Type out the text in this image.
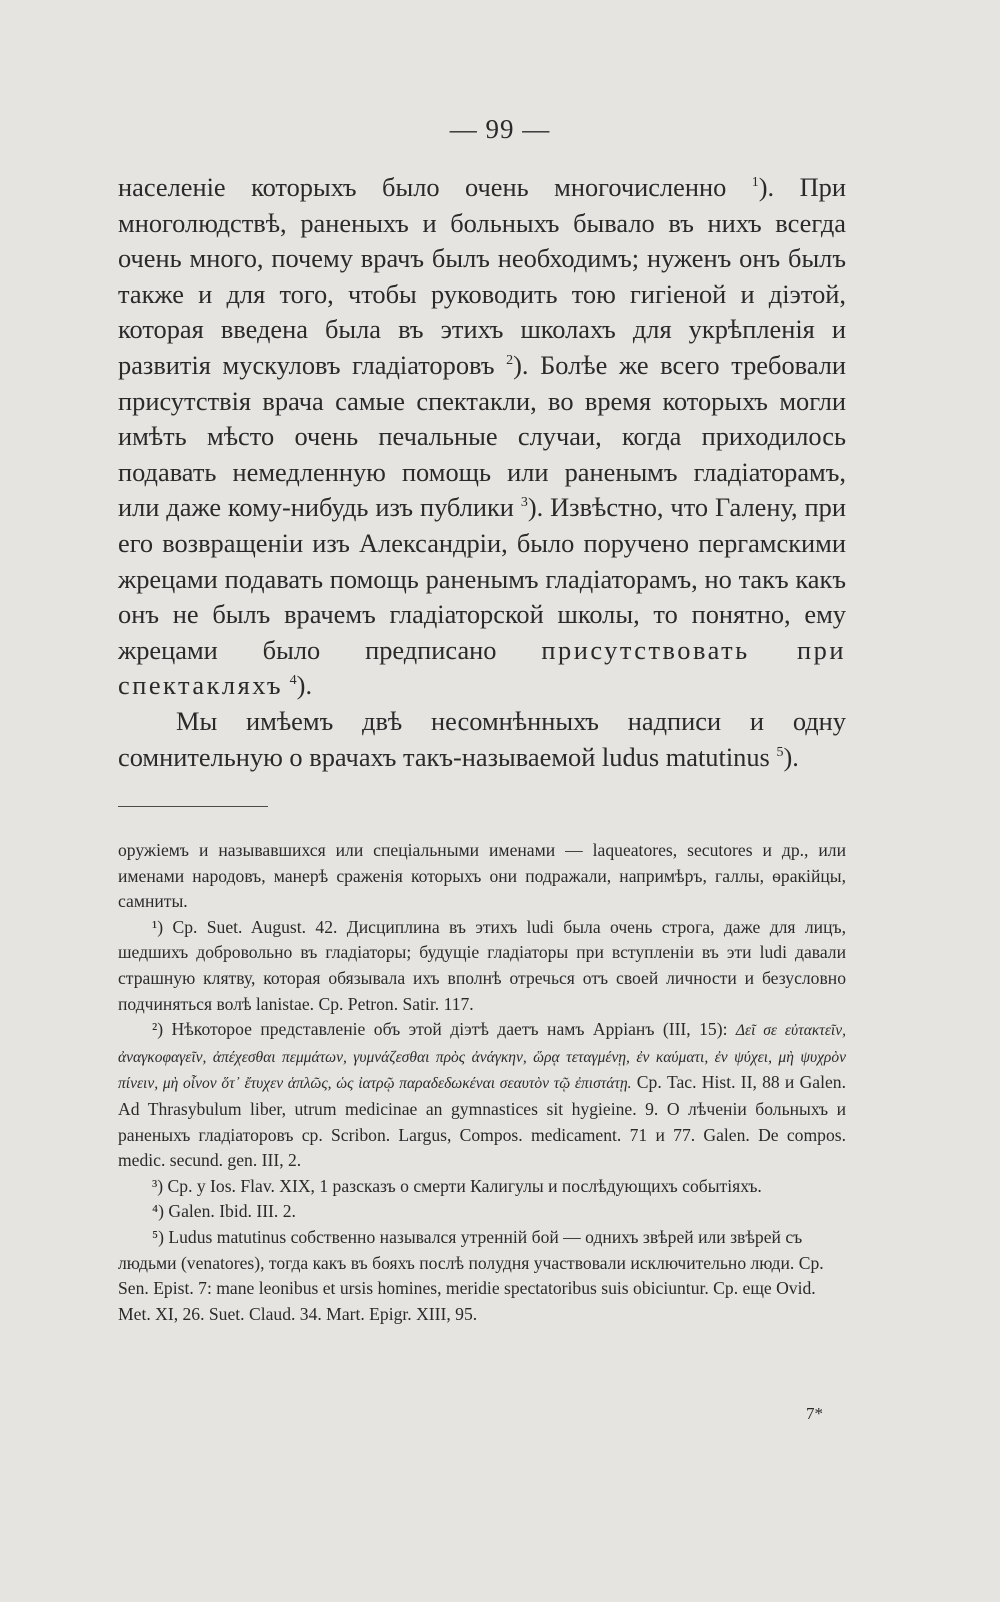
— 99 —

населеніе которыхъ было очень многочисленно $^1$). При многолюдствѣ, раненыхъ и больныхъ бывало въ нихъ всегда очень много, почему врачъ былъ необходимъ; нуженъ онъ былъ также и для того, чтобы руководить тою гигіеной и діэтой, которая введена была въ этихъ школахъ для укрѣпленія и развитія мускуловъ гладіаторовъ $^2$). Болѣе же всего требовали присутствія врача самые спектакли, во время которыхъ могли имѣть мѣсто очень печальные случаи, когда приходилось подавать немедленную помощь или раненымъ гладіаторамъ, или даже кому-нибудь изъ публики $^3$). Извѣстно, что Галену, при его возвращеніи изъ Александріи, было поручено пергамскими жрецами подавать помощь раненымъ гладіаторамъ, но такъ какъ онъ не былъ врачемъ гладіаторской школы, то понятно, ему жрецами было предписано присутствовать при спектакляхъ $^4$).

Мы имѣемъ двѣ несомнѣнныхъ надписи и одну сомнительную о врачахъ такъ-называемой ludus matutinus $^5$).

оружіемъ и называвшихся или спеціальными именами — laqueatores, secutores и др., или именами народовъ, манерѣ сраженія которыхъ они подражали, напримѣръ, галлы, ѳракійцы, самниты.

¹) Ср. Suet. August. 42. Дисциплина въ этихъ ludi была очень строга, даже для лицъ, шедшихъ добровольно въ гладіаторы; будущіе гладіаторы при вступленіи въ эти ludi давали страшную клятву, которая обязывала ихъ вполнѣ отречься отъ своей личности и безусловно подчиняться волѣ lanistae. Ср. Petron. Satir. 117.

²) Нѣкоторое представленіе объ этой діэтѣ даетъ намъ Арріанъ (III, 15): Δεῖ σε εὐτακτεῖν, ἀναγκοφαγεῖν, ἀπέχεσθαι πεμμάτων, γυμνάζεσθαι πρὸς ἀνάγκην, ὥρᾳ τεταγμένῃ, ἐν καύματι, ἐν ψύχει, μὴ ψυχρὸν πίνειν, μὴ οἶνον ὅτ᾽ ἔτυχεν ἁπλῶς, ὡς ἰατρῷ παραδεδωκέναι σεαυτὸν τῷ ἐπιστάτῃ. Ср. Tac. Hist. II, 88 и Galen. Ad Thrasybulum liber, utrum medicinae an gymnastices sit hygieine. 9. О лѣченіи больныхъ и раненыхъ гладіаторовъ ср. Scribon. Largus, Compos. medicament. 71 и 77. Galen. De compos. medic. secund. gen. III, 2.

³) Ср. у Ios. Flav. XIX, 1 разсказъ о смерти Калигулы и послѣдующихъ событіяхъ.

⁴) Galen. Ibid. III. 2.

⁵) Ludus matutinus собственно назывался утренній бой — однихъ звѣрей или звѣрей съ людьми (venatores), тогда какъ въ бояхъ послѣ полудня участвовали исключительно люди. Ср. Sen. Epist. 7: mane leonibus et ursis homines, meridie spectatoribus suis obiciuntur. Ср. еще Ovid. Met. XI, 26. Suet. Claud. 34. Mart. Epigr. XIII, 95.

7*
